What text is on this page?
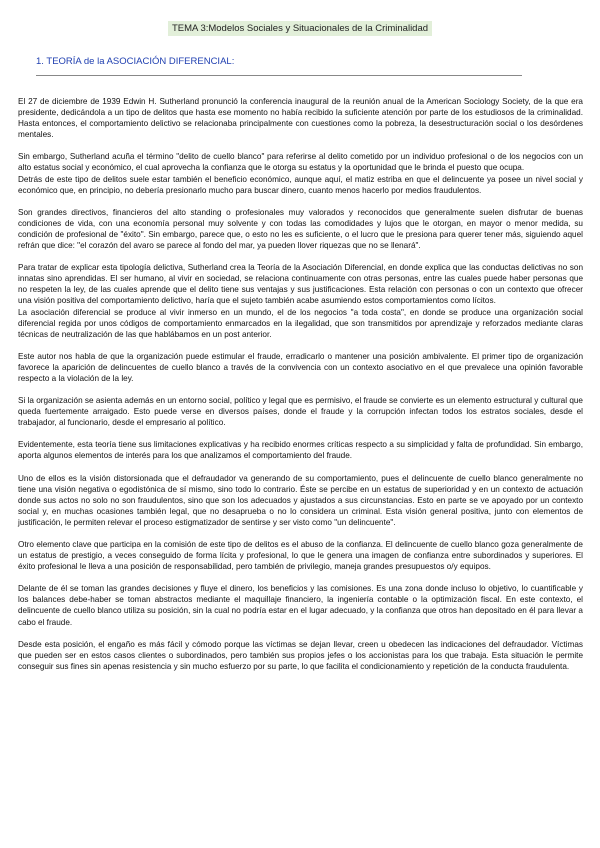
TEMA 3:Modelos Sociales y Situacionales de la Criminalidad
1. TEORÍA de la ASOCIACIÓN DIFERENCIAL:

El 27 de diciembre de 1939 Edwin H. Sutherland pronunció la conferencia inaugural de la reunión anual de la American Sociology Society, de la que era presidente, dedicándola a un tipo de delitos que hasta ese momento no había recibido la suficiente atención por parte de los estudiosos de la criminalidad. Hasta entonces, el comportamiento delictivo se relacionaba principalmente con cuestiones como la pobreza, la desestructuración social o los desórdenes mentales.

Sin embargo, Sutherland acuña el término "delito de cuello blanco" para referirse al delito cometido por un individuo profesional o de los negocios con un alto estatus social y económico, el cual aprovecha la confianza que le otorga su estatus y la oportunidad que le brinda el puesto que ocupa.

Detrás de este tipo de delitos suele estar también el beneficio económico, aunque aquí, el matiz estriba en que el delincuente ya posee un nivel social y económico que, en principio, no debería presionarlo mucho para buscar dinero, cuanto menos hacerlo por medios fraudulentos.

Son grandes directivos, financieros del alto standing o profesionales muy valorados y reconocidos que generalmente suelen disfrutar de buenas condiciones de vida, con una economía personal muy solvente y con todas las comodidades y lujos que le otorgan, en mayor o menor medida, su condición de profesional de "éxito". Sin embargo, parece que, o esto no les es suficiente, o el lucro que le presiona para querer tener más, siguiendo aquel refrán que dice: "el corazón del avaro se parece al fondo del mar, ya pueden llover riquezas que no se llenará".

Para tratar de explicar esta tipología delictiva, Sutherland crea la Teoría de la Asociación Diferencial, en donde explica que las conductas delictivas no son innatas sino aprendidas. El ser humano, al vivir en sociedad, se relaciona continuamente con otras personas, entre las cuales puede haber personas que no respeten la ley, de las cuales aprende que el delito tiene sus ventajas y sus justificaciones. Esta relación con personas o con un contexto que ofrecer una visión positiva del comportamiento delictivo, haría que el sujeto también acabe asumiendo estos comportamientos como lícitos.

La asociación diferencial se produce al vivir inmerso en un mundo, el de los negocios "a toda costa", en donde se produce una organización social diferencial regida por unos códigos de comportamiento enmarcados en la ilegalidad, que son transmitidos por aprendizaje y reforzados mediante claras técnicas de neutralización de las que hablábamos en un post anterior.

Este autor nos habla de que la organización puede estimular el fraude, erradicarlo o mantener una posición ambivalente. El primer tipo de organización favorece la aparición de delincuentes de cuello blanco a través de la convivencia con un contexto asociativo en el que prevalece una opinión favorable respecto a la violación de la ley.

Si la organización se asienta además en un entorno social, político y legal que es permisivo, el fraude se convierte es un elemento estructural y cultural que queda fuertemente arraigado. Esto puede verse en diversos países, donde el fraude y la corrupción infectan todos los estratos sociales, desde el trabajador, al funcionario, desde el empresario al político.

Evidentemente, esta teoría tiene sus limitaciones explicativas y ha recibido enormes críticas respecto a su simplicidad y falta de profundidad. Sin embargo, aporta algunos elementos de interés para los que analizamos el comportamiento del fraude.

Uno de ellos es la visión distorsionada que el defraudador va generando de su comportamiento, pues el delincuente de cuello blanco generalmente no tiene una visión negativa o egodistónica de sí mismo, sino todo lo contrario. Éste se percibe en un estatus de superioridad y en un contexto de actuación donde sus actos no solo no son fraudulentos, sino que son los adecuados y ajustados a sus circunstancias. Esto en parte se ve apoyado por un contexto social y, en muchas ocasiones también legal, que no desaprueba o no lo considera un criminal. Esta visión general positiva, junto con elementos de justificación, le permiten relevar el proceso estigmatizador de sentirse y ser visto como "un delincuente".

Otro elemento clave que participa en la comisión de este tipo de delitos es el abuso de la confianza. El delincuente de cuello blanco goza generalmente de un estatus de prestigio, a veces conseguido de forma lícita y profesional, lo que le genera una imagen de confianza entre subordinados y superiores. El éxito profesional le lleva a una posición de responsabilidad, pero también de privilegio, maneja grandes presupuestos o/y equipos.

Delante de él se toman las grandes decisiones y fluye el dinero, los beneficios y las comisiones. Es una zona donde incluso lo objetivo, lo cuantificable y los balances debe-haber se toman abstractos mediante el maquillaje financiero, la ingeniería contable o la optimización fiscal. En este contexto, el delincuente de cuello blanco utiliza su posición, sin la cual no podría estar en el lugar adecuado, y la confianza que otros han depositado en él para llevar a cabo el fraude.

Desde esta posición, el engaño es más fácil y cómodo porque las víctimas se dejan llevar, creen u obedecen las indicaciones del defraudador. Víctimas que pueden ser en estos casos clientes o subordinados, pero también sus propios jefes o los accionistas para los que trabaja. Esta situación le permite conseguir sus fines sin apenas resistencia y sin mucho esfuerzo por su parte, lo que facilita el condicionamiento y repetición de la conducta fraudulenta.
